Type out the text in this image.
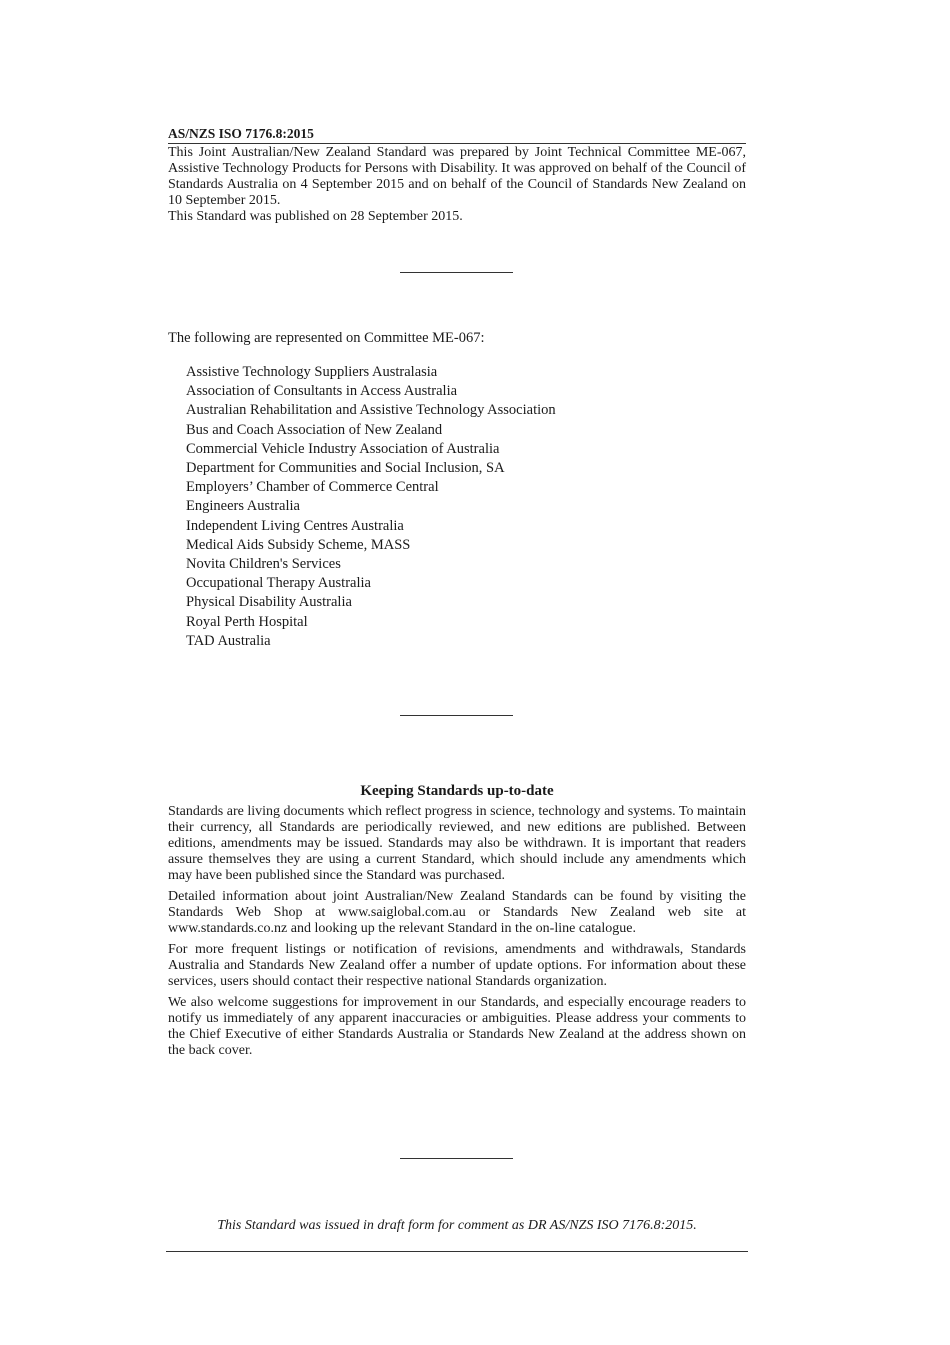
AS/NZS ISO 7176.8:2015

This Joint Australian/New Zealand Standard was prepared by Joint Technical Committee ME-067, Assistive Technology Products for Persons with Disability. It was approved on behalf of the Council of Standards Australia on 4 September 2015 and on behalf of the Council of Standards New Zealand on 10 September 2015.

This Standard was published on 28 September 2015.

The following are represented on Committee ME-067:

Assistive Technology Suppliers Australasia
Association of Consultants in Access Australia
Australian Rehabilitation and Assistive Technology Association
Bus and Coach Association of New Zealand
Commercial Vehicle Industry Association of Australia
Department for Communities and Social Inclusion, SA
Employers’ Chamber of Commerce Central
Engineers Australia
Independent Living Centres Australia
Medical Aids Subsidy Scheme, MASS
Novita Children's Services
Occupational Therapy Australia
Physical Disability Australia
Royal Perth Hospital
TAD Australia
Keeping Standards up-to-date

Standards are living documents which reflect progress in science, technology and systems. To maintain their currency, all Standards are periodically reviewed, and new editions are published. Between editions, amendments may be issued. Standards may also be withdrawn. It is important that readers assure themselves they are using a current Standard, which should include any amendments which may have been published since the Standard was purchased.

Detailed information about joint Australian/New Zealand Standards can be found by visiting the Standards Web Shop at www.saiglobal.com.au or Standards New Zealand web site at www.standards.co.nz and looking up the relevant Standard in the on-line catalogue.

For more frequent listings or notification of revisions, amendments and withdrawals, Standards Australia and Standards New Zealand offer a number of update options. For information about these services, users should contact their respective national Standards organization.

We also welcome suggestions for improvement in our Standards, and especially encourage readers to notify us immediately of any apparent inaccuracies or ambiguities. Please address your comments to the Chief Executive of either Standards Australia or Standards New Zealand at the address shown on the back cover.

This Standard was issued in draft form for comment as DR AS/NZS ISO 7176.8:2015.
